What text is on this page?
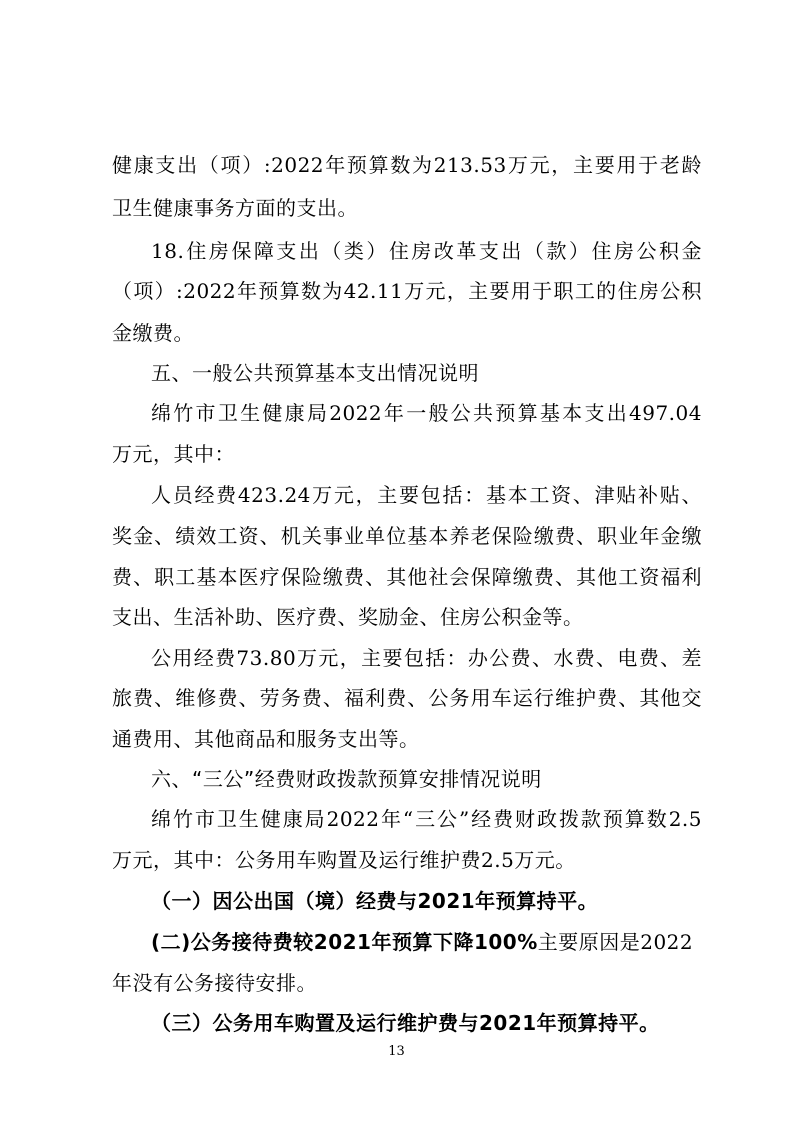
健康支出（项）:2022年预算数为213.53万元，主要用于老龄
卫生健康事务方面的支出。
18.住房保障支出（类）住房改革支出（款）住房公积金
（项）:2022年预算数为42.11万元，主要用于职工的住房公积
金缴费。
五、一般公共预算基本支出情况说明
绵竹市卫生健康局2022年一般公共预算基本支出497.04
万元，其中：
人员经费423.24万元，主要包括：基本工资、津贴补贴、
奖金、绩效工资、机关事业单位基本养老保险缴费、职业年金缴
费、职工基本医疗保险缴费、其他社会保障缴费、其他工资福利
支出、生活补助、医疗费、奖励金、住房公积金等。
公用经费73.80万元，主要包括：办公费、水费、电费、差
旅费、维修费、劳务费、福利费、公务用车运行维护费、其他交
通费用、其他商品和服务支出等。
六、“三公”经费财政拨款预算安排情况说明
绵竹市卫生健康局2022年“三公”经费财政拨款预算数2.5
万元，其中：公务用车购置及运行维护费2.5万元。
（一）因公出国（境）经费与2021年预算持平。
(二)公务接待费较2021年预算下降100%主要原因是2022
年没有公务接待安排。
（三）公务用车购置及运行维护费与2021年预算持平。
13
